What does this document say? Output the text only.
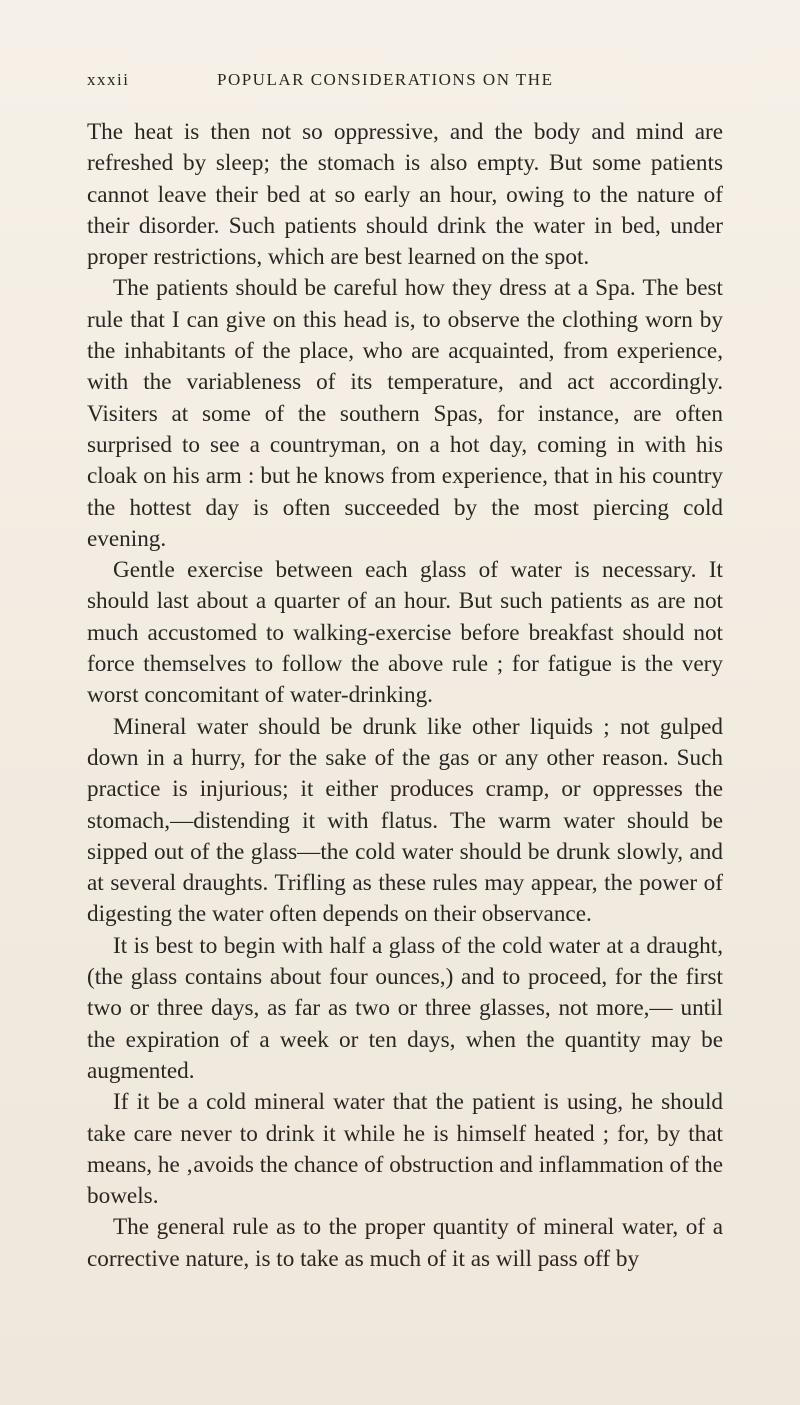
xxxii	POPULAR CONSIDERATIONS ON THE

The heat is then not so oppressive, and the body and mind are refreshed by sleep; the stomach is also empty. But some patients cannot leave their bed at so early an hour, owing to the nature of their disorder. Such patients should drink the water in bed, under proper restrictions, which are best learned on the spot.

The patients should be careful how they dress at a Spa. The best rule that I can give on this head is, to observe the clothing worn by the inhabitants of the place, who are acquainted, from experience, with the variableness of its temperature, and act accordingly. Visiters at some of the southern Spas, for instance, are often surprised to see a countryman, on a hot day, coming in with his cloak on his arm : but he knows from experience, that in his country the hottest day is often succeeded by the most piercing cold evening.

Gentle exercise between each glass of water is necessary. It should last about a quarter of an hour. But such patients as are not much accustomed to walking-exercise before breakfast should not force themselves to follow the above rule ; for fatigue is the very worst concomitant of water-drinking.

Mineral water should be drunk like other liquids ; not gulped down in a hurry, for the sake of the gas or any other reason. Such practice is injurious; it either produces cramp, or oppresses the stomach,—distending it with flatus. The warm water should be sipped out of the glass—the cold water should be drunk slowly, and at several draughts. Trifling as these rules may appear, the power of digesting the water often depends on their observance.

It is best to begin with half a glass of the cold water at a draught, (the glass contains about four ounces,) and to proceed, for the first two or three days, as far as two or three glasses, not more,— until the expiration of a week or ten days, when the quantity may be augmented.

If it be a cold mineral water that the patient is using, he should take care never to drink it while he is himself heated ; for, by that means, he ‚avoids the chance of obstruction and inflammation of the bowels.

The general rule as to the proper quantity of mineral water, of a corrective nature, is to take as much of it as will pass off by
